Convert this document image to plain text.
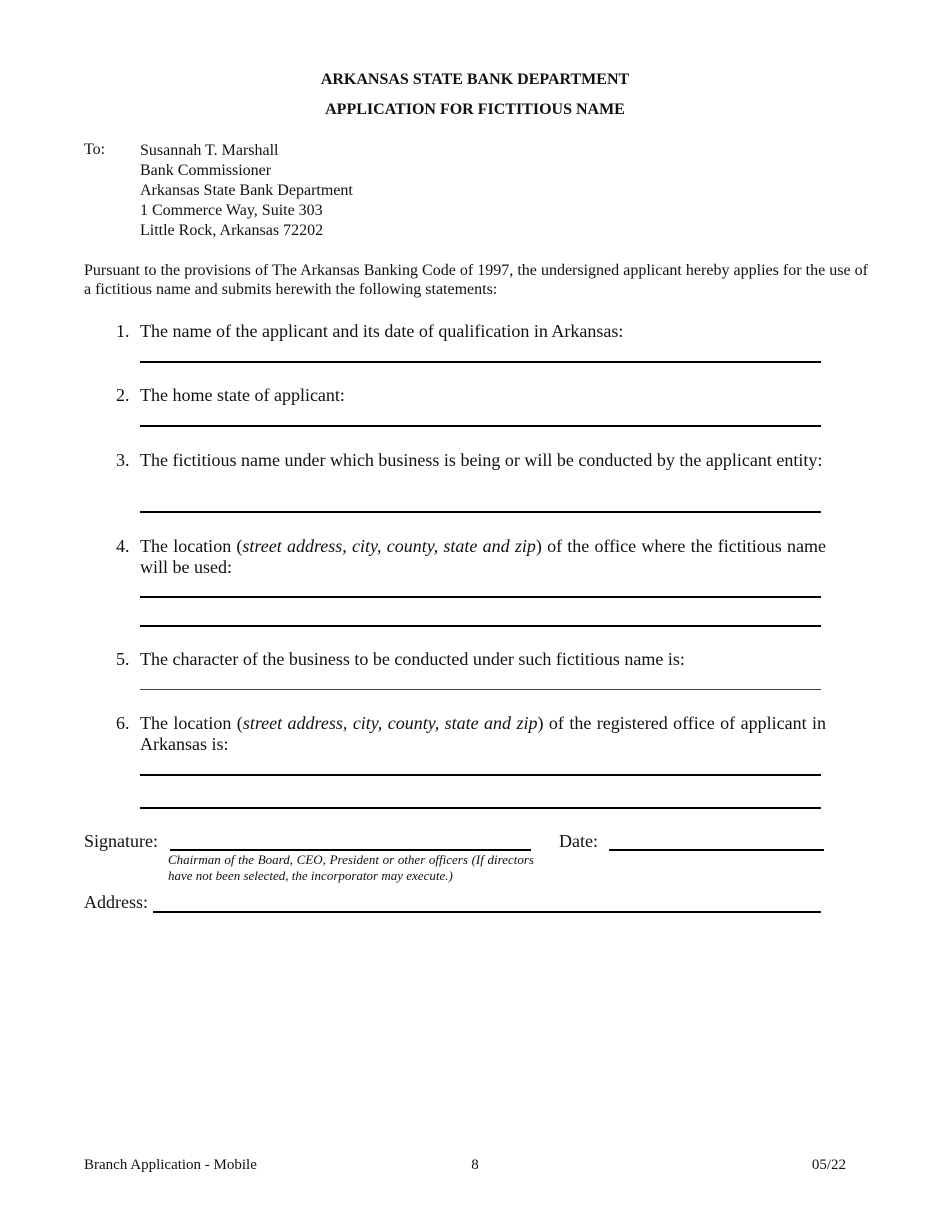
ARKANSAS STATE BANK DEPARTMENT
APPLICATION FOR FICTITIOUS NAME
To: Susannah T. Marshall
Bank Commissioner
Arkansas State Bank Department
1 Commerce Way, Suite 303
Little Rock, Arkansas 72202
Pursuant to the provisions of The Arkansas Banking Code of 1997, the undersigned applicant hereby applies for the use of a fictitious name and submits herewith the following statements:
1. The name of the applicant and its date of qualification in Arkansas:
2. The home state of applicant:
3. The fictitious name under which business is being or will be conducted by the applicant entity:
4. The location (street address, city, county, state and zip) of the office where the fictitious name will be used:
5. The character of the business to be conducted under such fictitious name is:
6. The location (street address, city, county, state and zip) of the registered office of applicant in Arkansas is:
Signature:	Date:
Chairman of the Board, CEO, President or other officers (If directors have not been selected, the incorporator may execute.)
Address:
Branch Application - Mobile	8	05/22
